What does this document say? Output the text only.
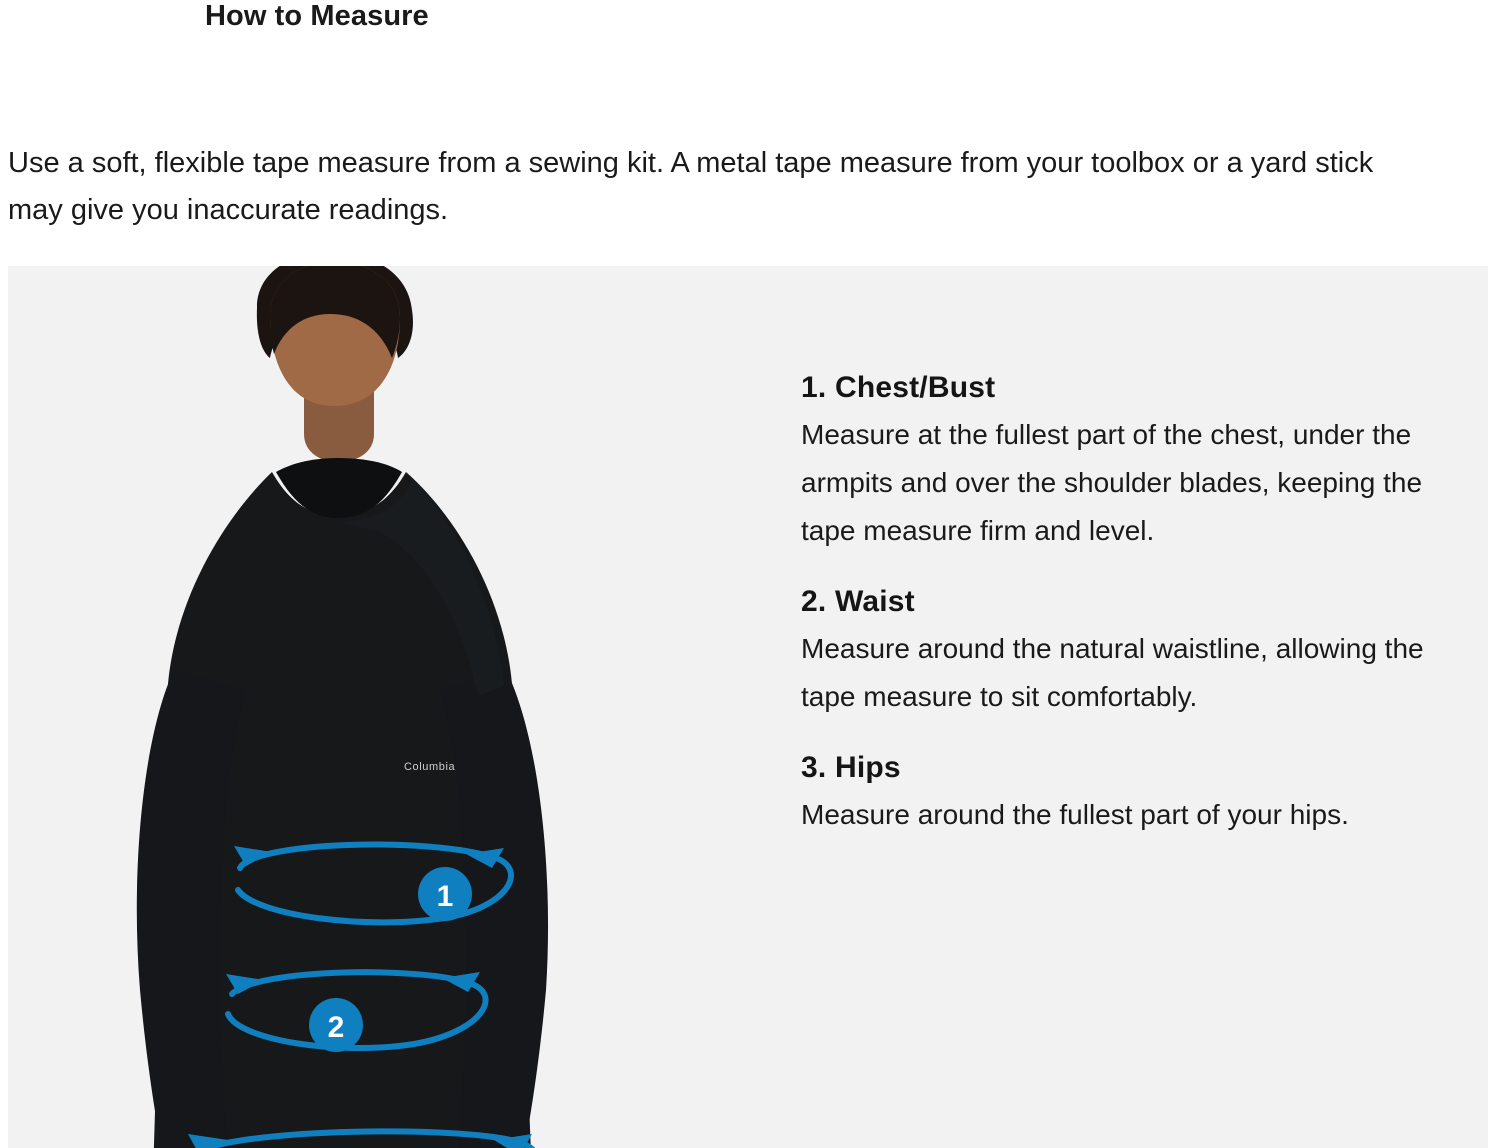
How to Measure
Use a soft, flexible tape measure from a sewing kit. A metal tape measure from your toolbox or a yard stick may give you inaccurate readings.
1
2
Columbia
1. Chest/Bust

Measure at the fullest part of the chest, under the armpits and over the shoulder blades, keeping the tape measure firm and level.

2. Waist

Measure around the natural waistline, allowing the tape measure to sit comfortably.

3. Hips

Measure around the fullest part of your hips.
